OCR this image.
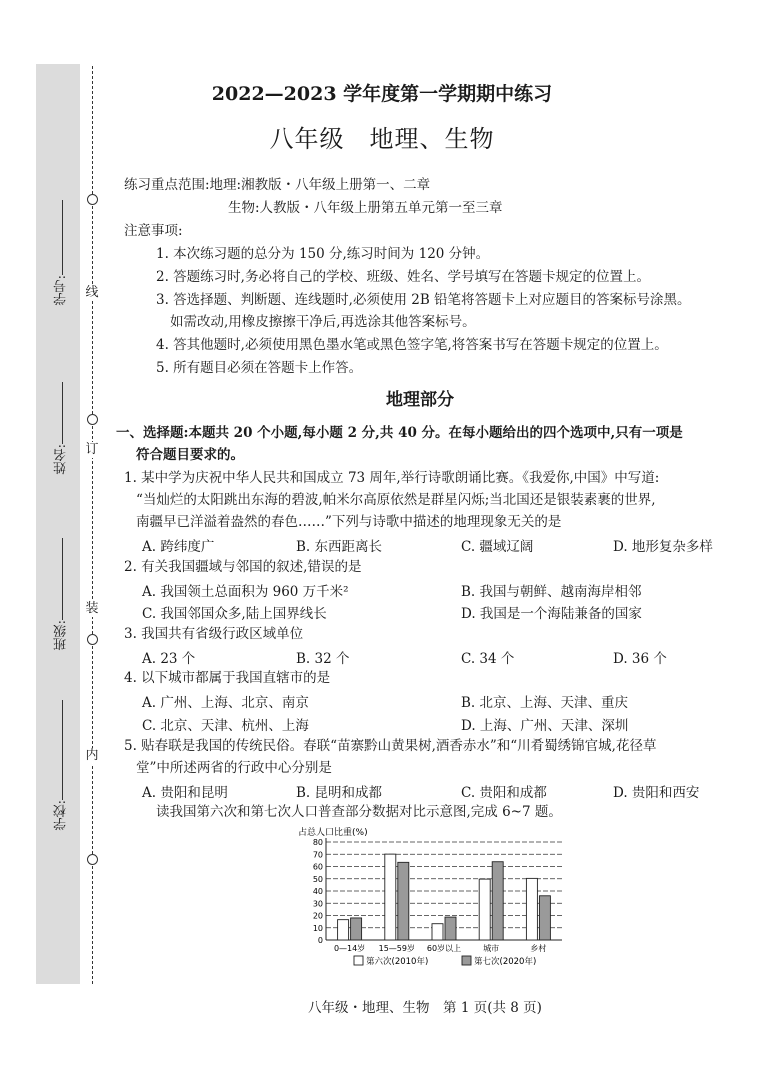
线
订
装
内
学号:
姓名:
班级:
学校:
2022—2023 学年度第一学期期中练习
八年级　地理、生物
练习重点范围:地理:湘教版・八年级上册第一、二章
生物:人教版・八年级上册第五单元第一至三章
注意事项:
1. 本次练习题的总分为 150 分,练习时间为 120 分钟。
2. 答题练习时,务必将自己的学校、班级、姓名、学号填写在答题卡规定的位置上。
3. 答选择题、判断题、连线题时,必须使用 2B 铅笔将答题卡上对应题目的答案标号涂黑。
如需改动,用橡皮擦擦干净后,再选涂其他答案标号。
4. 答其他题时,必须使用黑色墨水笔或黑色签字笔,将答案书写在答题卡规定的位置上。
5. 所有题目必须在答题卡上作答。
地理部分
一、选择题:本题共 20 个小题,每小题 2 分,共 40 分。在每小题给出的四个选项中,只有一项是
符合题目要求的。
1. 某中学为庆祝中华人民共和国成立 73 周年,举行诗歌朗诵比赛。《我爱你,中国》中写道:
“当灿烂的太阳跳出东海的碧波,帕米尔高原依然是群星闪烁;当北国还是银装素裹的世界,
南疆早已洋溢着盎然的春色……”下列与诗歌中描述的地理现象无关的是
A. 跨纬度广	B. 东西距离长	C. 疆域辽阔	D. 地形复杂多样
2. 有关我国疆域与邻国的叙述,错误的是
A. 我国领土总面积为 960 万千米²	B. 我国与朝鲜、越南海岸相邻
C. 我国邻国众多,陆上国界线长	D. 我国是一个海陆兼备的国家
3. 我国共有省级行政区域单位
A. 23 个	B. 32 个	C. 34 个	D. 36 个
4. 以下城市都属于我国直辖市的是
A. 广州、上海、北京、南京	B. 北京、上海、天津、重庆
C. 北京、天津、杭州、上海	D. 上海、广州、天津、深圳
5. 贴春联是我国的传统民俗。春联“苗寨黔山黄果树,酒香赤水”和“川肴蜀绣锦官城,花径草
堂”中所述两省的行政中心分别是
A. 贵阳和昆明	B. 昆明和成都	C. 贵阳和成都	D. 贵阳和西安
读我国第六次和第七次人口普查部分数据对比示意图,完成 6~7 题。
占总人口比重(%)
0
10
20
30
40
50
60
70
80
0—14岁 15—59岁 60岁以上	城市	乡村
第六次(2010年)	第七次(2020年)
八年级・地理、生物　第 1 页(共 8 页)
